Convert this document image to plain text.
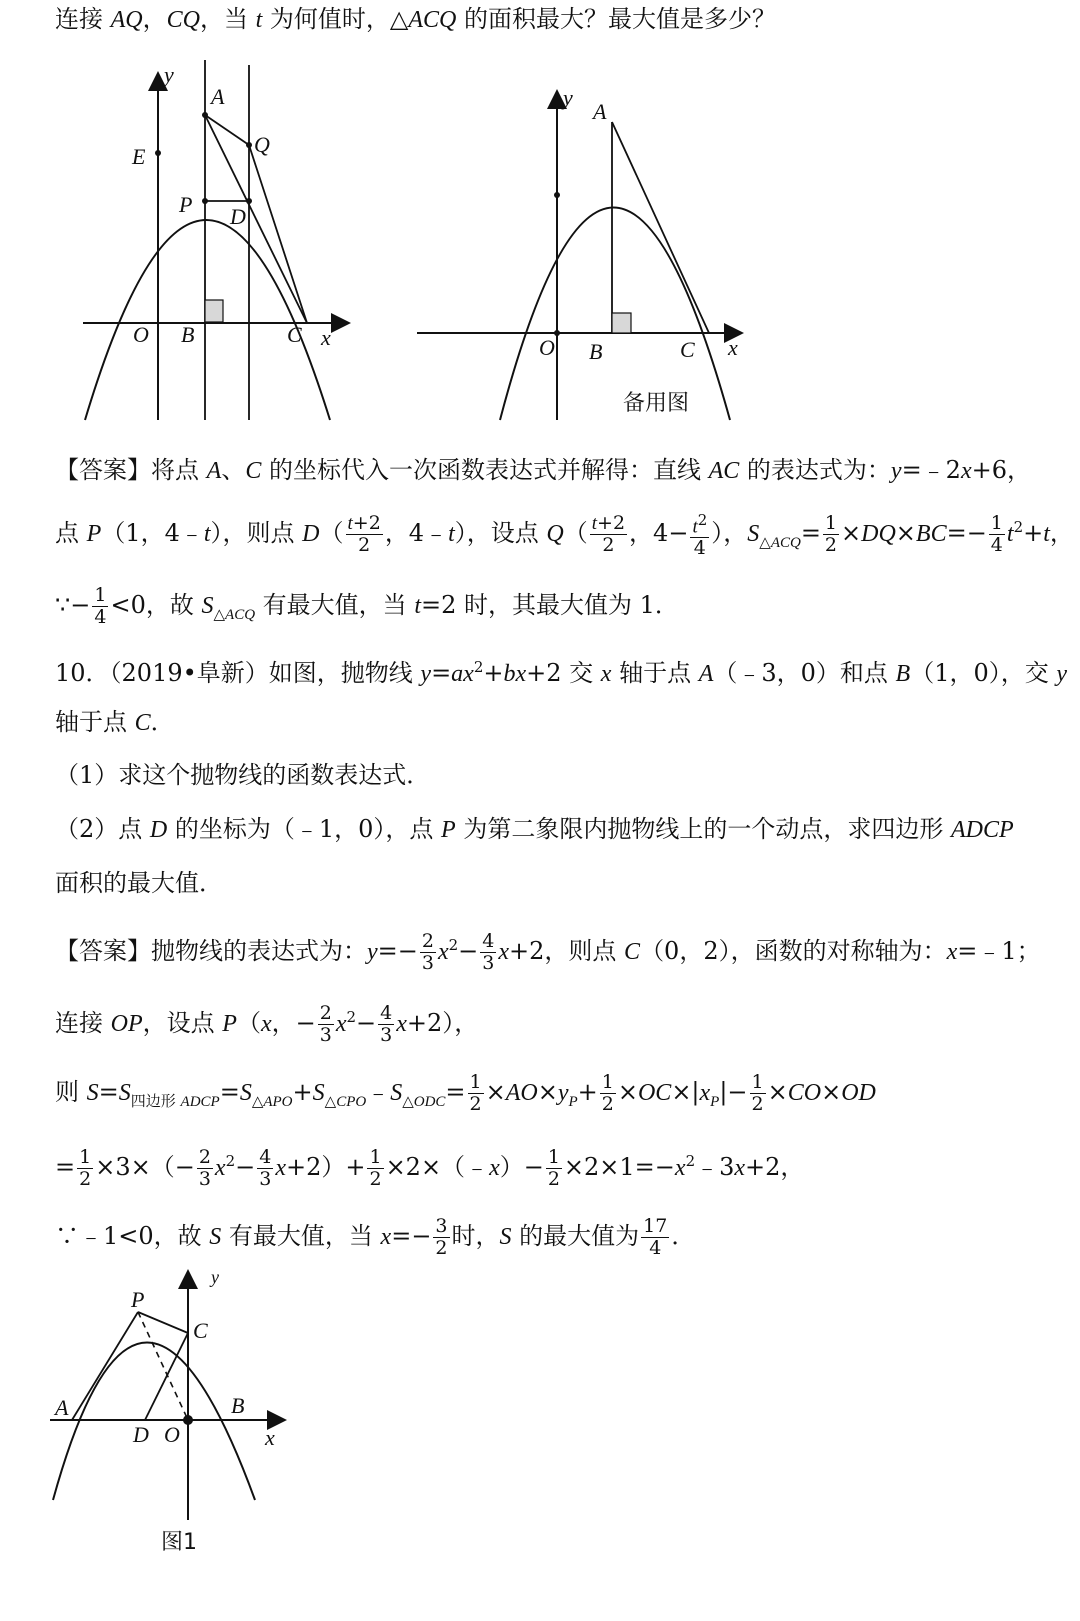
连接 AQ，CQ，当 t 为何值时，△ACQ 的面积最大？最大值是多少？
y
A
E	Q
P D
O B	C x
y
A
O B	C x
备用图
【答案】将点 A、C 的坐标代入一次函数表达式并解得：直线 AC 的表达式为：y=﹣2x+6，
点 P（1，4﹣t），则点 $D( \frac{t+2}{2}$ ，4﹣t），设点 $Q( \frac{t+2}{2}$ ，$4- \frac{t^2}{4}$ ），$S_{\triangle ACQ}= \frac{1}{2} \times DQ\times BC=- \frac{1}{4} t^2+t$，
∵− $\frac{1}{4} <0$，故 $S_{\triangle ACQ}$ 有最大值，当 t=2 时，其最大值为 1．
10．（2019•阜新）如图，抛物线 $y=ax^2+bx+2$ 交 x 轴于点 A（﹣3，0）和点 B（1，0），交 y
轴于点 C．
（1）求这个抛物线的函数表达式．
（2）点 D 的坐标为（﹣1，0），点 P 为第二象限内抛物线上的一个动点，求四边形 ADCP
面积的最大值．
【答案】抛物线的表达式为：$y=- \frac{2}{3} x^2- \frac{4}{3} x+2$，则点 C（0，2），函数的对称轴为：x=﹣1；
连接 OP，设点 P（x，− $\frac{2}{3} x^2- \frac{4}{3} x+2$），
则 $S=S_{四边形 ADCP}=S_{\triangle APO}+S_{\triangle CPO}﹣S_{\triangle ODC}= \frac{1}{2} \times AO\times y_P+ \frac{1}{2} \times OC\times|x_P|- \frac{1}{2} \times CO\times OD$
= $\frac{1}{2} \times 3\times(- \frac{2}{3} x^2- \frac{4}{3} x+2)+ \frac{1}{2}$ ×2×（﹣x）− $\frac{1}{2}$ $\times 2\times 1=-x^2﹣3x+2$，
∵﹣1<0，故 S 有最大值，当 $x=- \frac{3}{2}$ 时，S 的最大值为 $\frac{17}{4}$ ．
y
P
C
A	B
D O	x
图1
